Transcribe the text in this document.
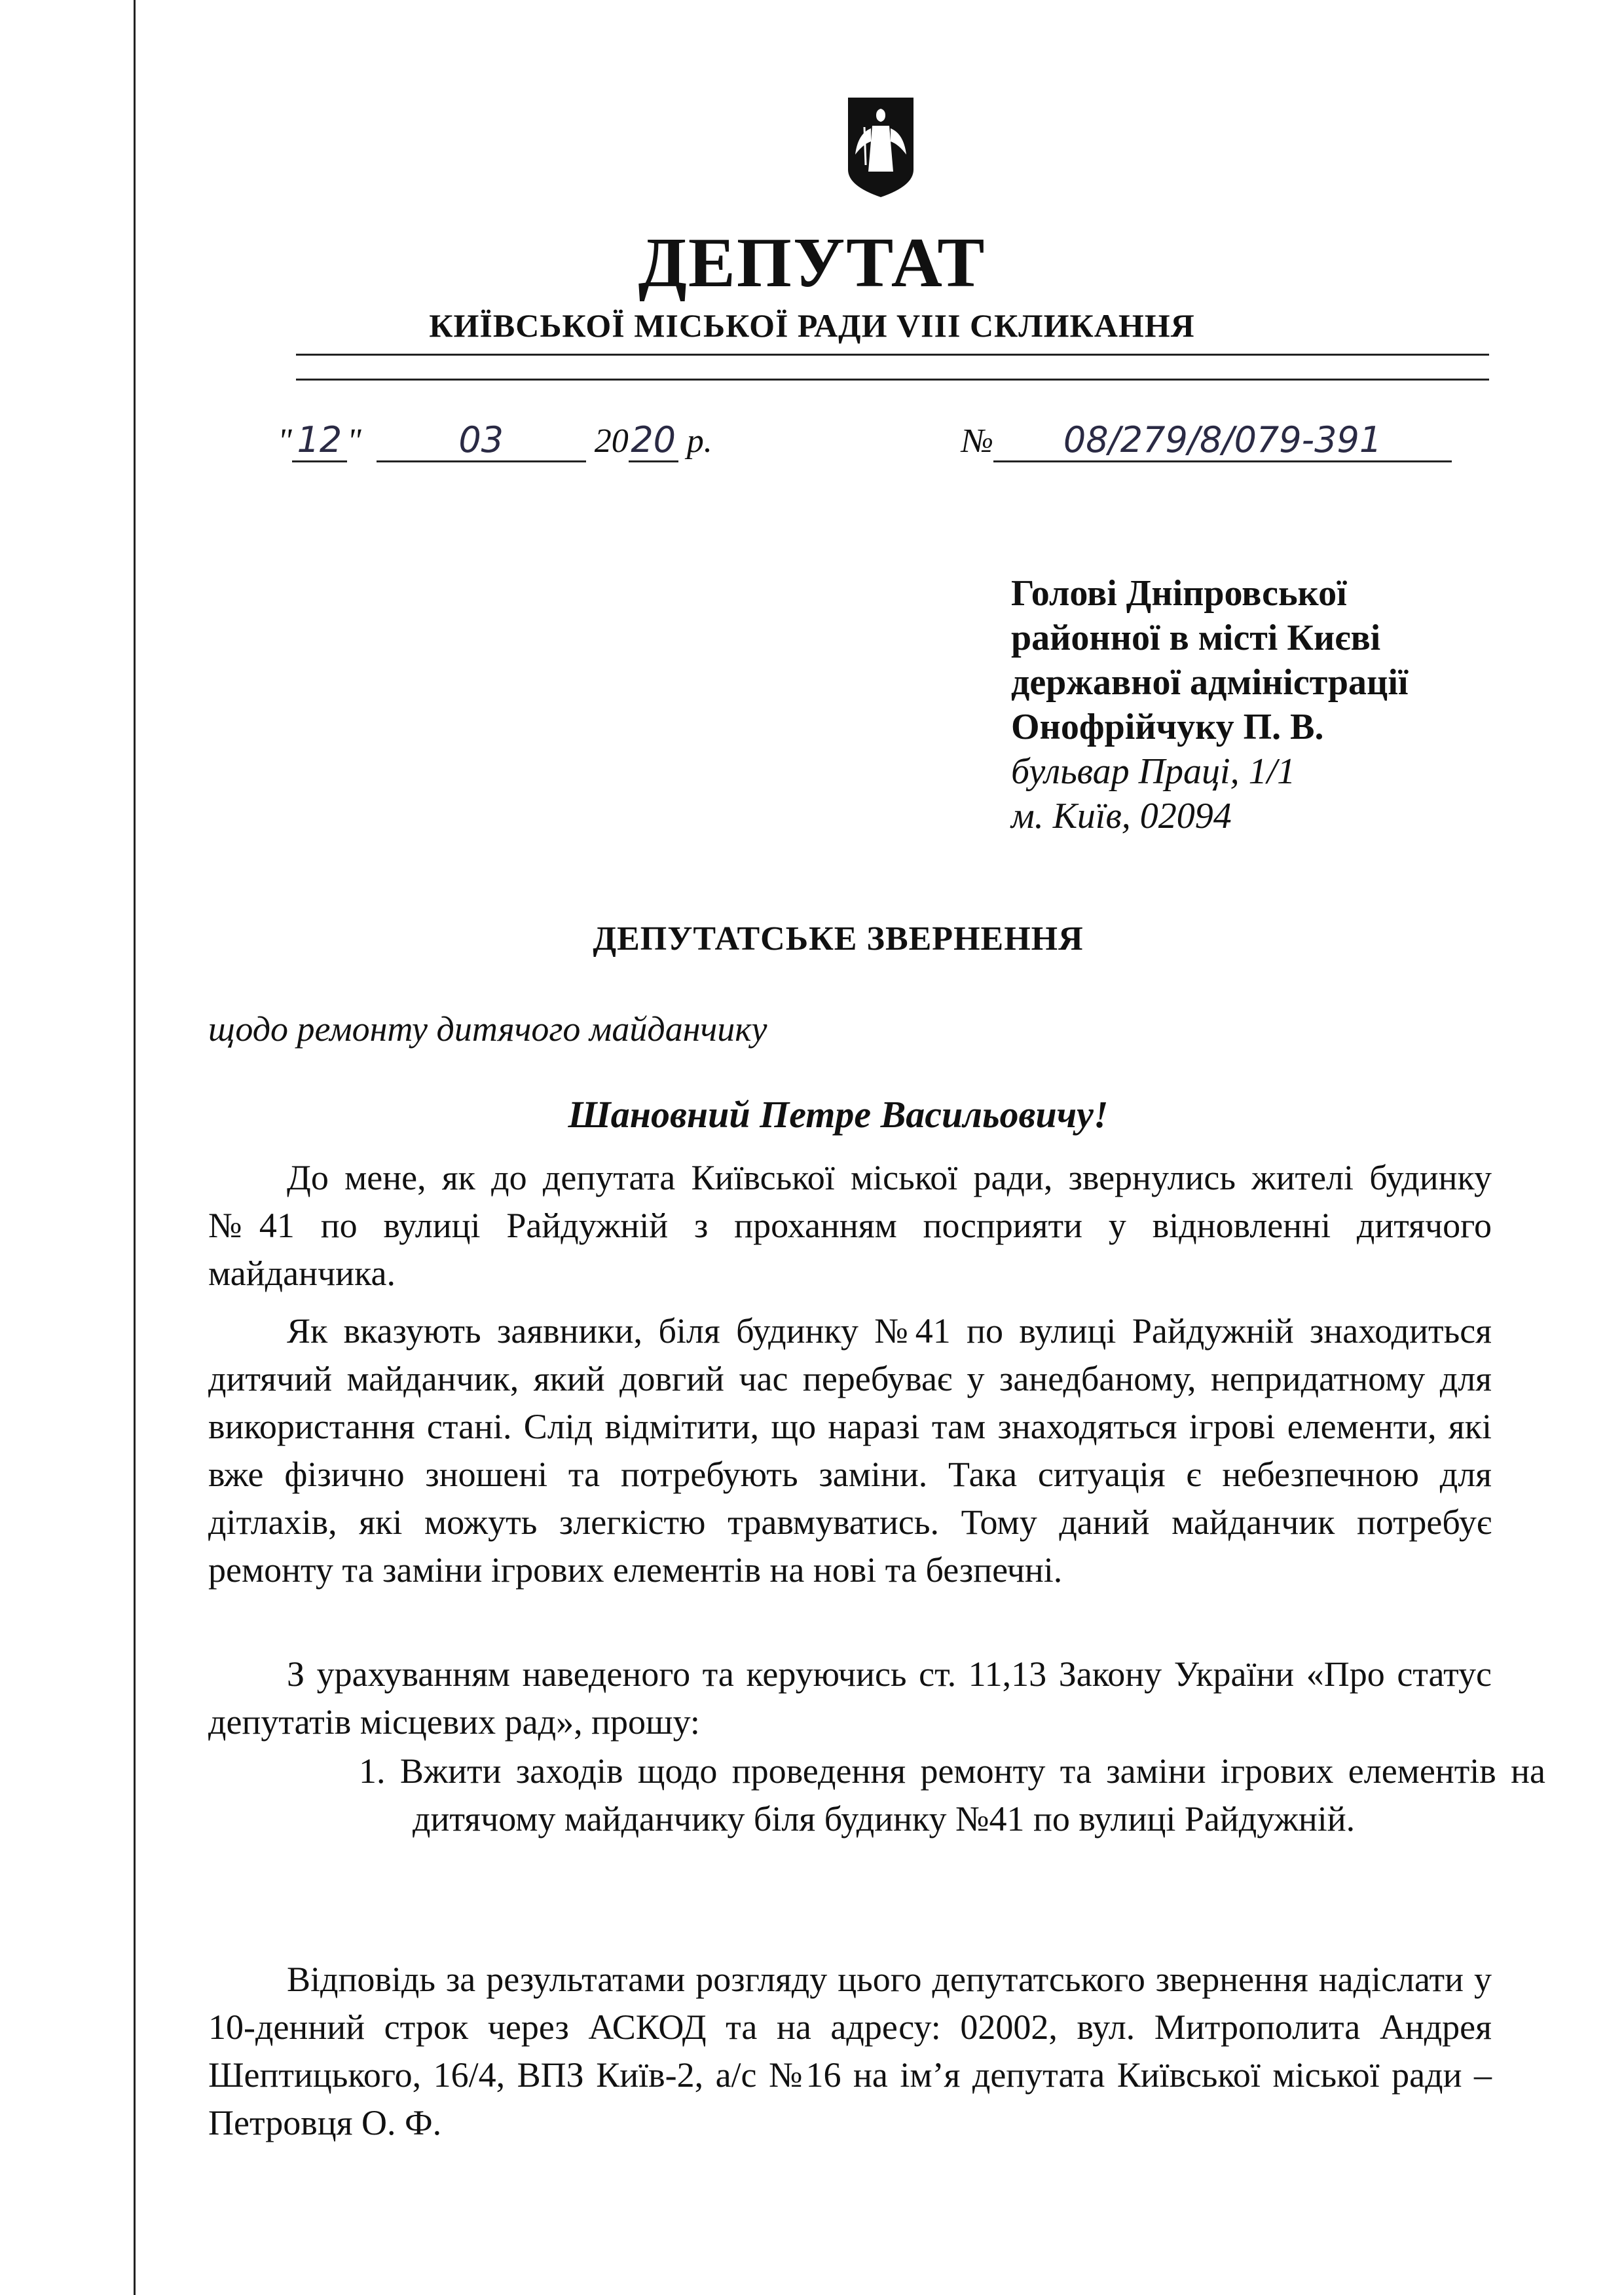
ДЕПУТАТ
КИЇВСЬКОЇ МІСЬКОЇ РАДИ VIII СКЛИКАННЯ
" 12 "	03	2020 р.	№ 08/279/8/079-391
Голові Дніпровської
районної в місті Києві
державної адміністрації
Онофрійчуку П. В.
бульвар Праці, 1/1
м. Київ, 02094
ДЕПУТАТСЬКЕ ЗВЕРНЕННЯ
щодо ремонту дитячого майданчику
Шановний Петре Васильовичу!

До мене, як до депутата Київської міської ради, звернулись жителі будинку №41 по вулиці Райдужній з проханням посприяти у відновленні дитячого майданчика.

Як вказують заявники, біля будинку №41 по вулиці Райдужній знаходиться дитячий майданчик, який довгий час перебуває у занедбаному, непридатному для використання стані. Слід відмітити, що наразі там знаходяться ігрові елементи, які вже фізично зношені та потребують заміни. Така ситуація є небезпечною для дітлахів, які можуть злегкістю травмуватись. Тому даний майданчик потребує ремонту та заміни ігрових елементів на нові та безпечні.

З урахуванням наведеного та керуючись ст. 11,13 Закону України «Про статус депутатів місцевих рад», прошу:

1. Вжити заходів щодо проведення ремонту та заміни ігрових елементів на дитячому майданчику біля будинку №41 по вулиці Райдужній.

Відповідь за результатами розгляду цього депутатського звернення надіслати у 10-денний строк через АСКОД та на адресу: 02002, вул. Митрополита Андрея Шептицького, 16/4, ВПЗ Київ-2, а/с №16 на ім’я депутата Київської міської ради – Петровця О. Ф.
